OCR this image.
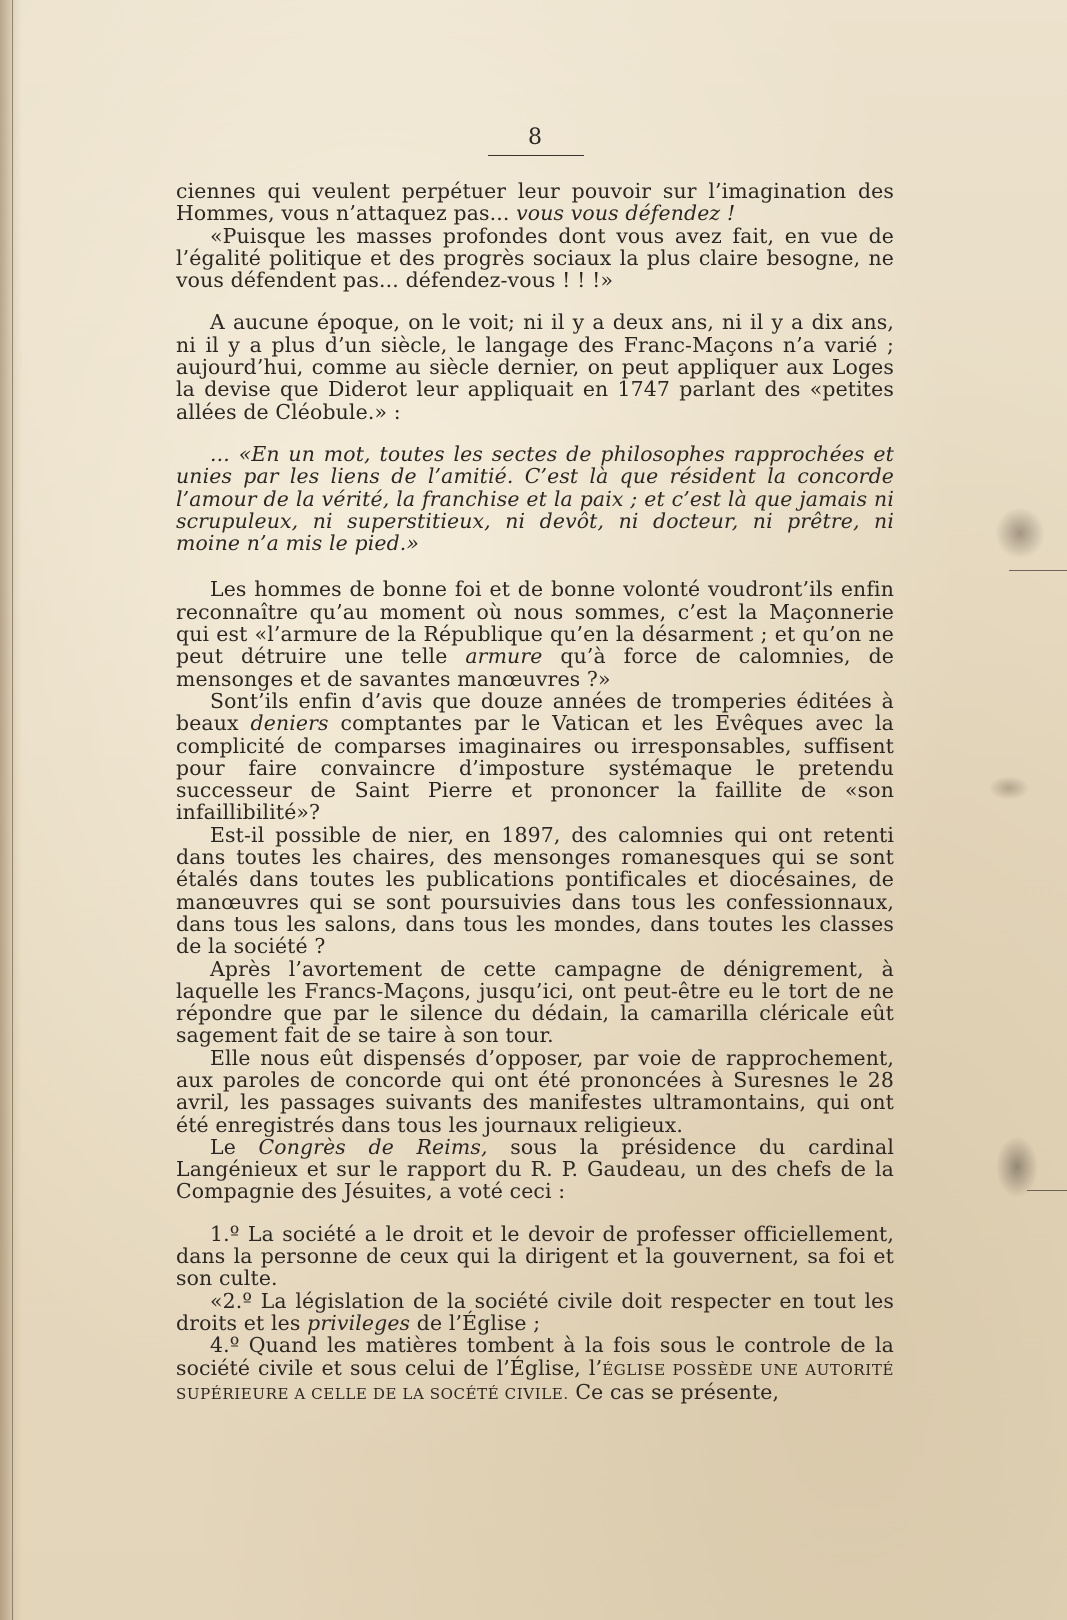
8

ciennes qui veulent perpétuer leur pouvoir sur l’imagination des Hommes, vous n’attaquez pas... vous vous défendez !

«Puisque les masses profondes dont vous avez fait, en vue de l’égalité politique et des progrès sociaux la plus claire besogne, ne vous défendent pas... défendez-vous ! ! !»

A aucune époque, on le voit; ni il y a deux ans, ni il y a dix ans, ni il y a plus d’un siècle, le langage des Franc-Maçons n’a varié ; aujourd’hui, comme au siècle dernier, on peut appliquer aux Loges la devise que Diderot leur appliquait en 1747 parlant des «petites allées de Cléobule.» :

... «En un mot, toutes les sectes de philosophes rapprochées et unies par les liens de l’amitié. C’est là que résident la concorde l’amour de la vérité, la franchise et la paix ; et c’est là que jamais ni scrupuleux, ni superstitieux, ni devôt, ni docteur, ni prêtre, ni moine n’a mis le pied.»

Les hommes de bonne foi et de bonne volonté voudront’ils enfin reconnaître qu’au moment où nous sommes, c’est la Maçonnerie qui est «l’armure de la République qu’en la désarment ; et qu’on ne peut détruire une telle armure qu’à force de calomnies, de mensonges et de savantes manœuvres ?»

Sont’ils enfin d’avis que douze années de tromperies éditées à beaux deniers comptantes par le Vatican et les Evêques avec la complicité de comparses imaginaires ou irresponsables, suffisent pour faire convaincre d’imposture systémaque le pretendu successeur de Saint Pierre et prononcer la faillite de «son infaillibilité»?

Est-il possible de nier, en 1897, des calomnies qui ont retenti dans toutes les chaires, des mensonges romanesques qui se sont étalés dans toutes les publications pontificales et diocésaines, de manœuvres qui se sont poursuivies dans tous les confessionnaux, dans tous les salons, dans tous les mondes, dans toutes les classes de la société ?

Après l’avortement de cette campagne de dénigrement, à laquelle les Francs-Maçons, jusqu’ici, ont peut-être eu le tort de ne répondre que par le silence du dédain, la camarilla cléricale eût sagement fait de se taire à son tour.

Elle nous eût dispensés d’opposer, par voie de rapprochement, aux paroles de concorde qui ont été prononcées à Suresnes le 28 avril, les passages suivants des manifestes ultramontains, qui ont été enregistrés dans tous les journaux religieux.

Le Congrès de Reims, sous la présidence du cardinal Langénieux et sur le rapport du R. P. Gaudeau, un des chefs de la Compagnie des Jésuites, a voté ceci :

1.º La société a le droit et le devoir de professer officiellement, dans la personne de ceux qui la dirigent et la gouvernent, sa foi et son culte.

«2.º La législation de la société civile doit respecter en tout les droits et les privileges de l’Église ;

4.º Quand les matières tombent à la fois sous le controle de la société civile et sous celui de l’Église, l’ÉGLISE POSSÈDE UNE AUTORITÉ SUPÉRIEURE A CELLE DE LA SOCÉTÉ CIVILE. Ce cas se présente,
